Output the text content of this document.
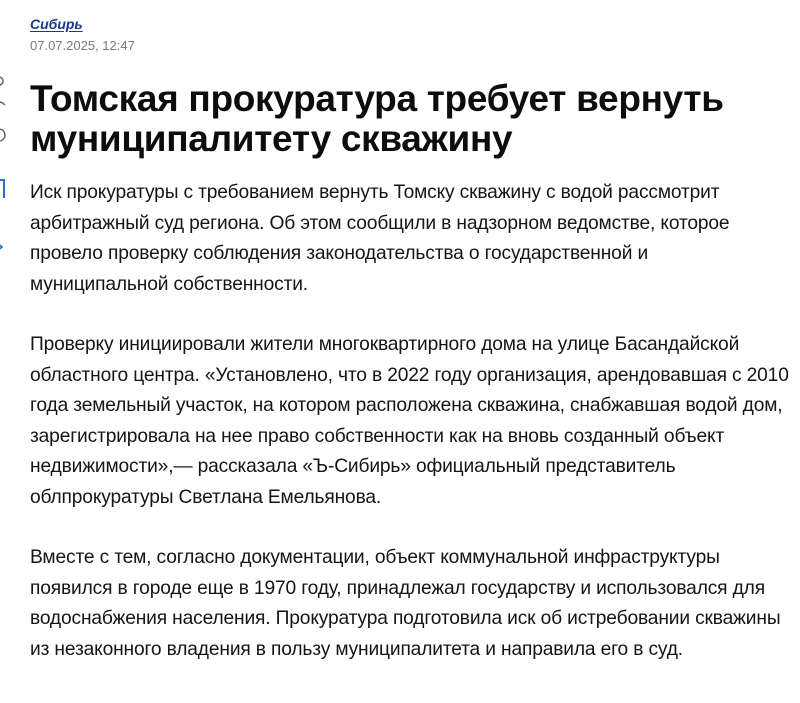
Сибирь
07.07.2025, 12:47
Томская прокуратура требует вернуть муниципалитету скважину

Иск прокуратуры с требованием вернуть Томску скважину с водой рассмотрит арбитражный суд региона. Об этом сообщили в надзорном ведомстве, которое провело проверку соблюдения законодательства о государственной и муниципальной собственности.

Проверку инициировали жители многоквартирного дома на улице Басандайской областного центра. «Установлено, что в 2022 году организация, арендовавшая с 2010 года земельный участок, на котором расположена скважина, снабжавшая водой дом, зарегистрировала на нее право собственности как на вновь созданный объект недвижимости»,— рассказала «Ъ-Сибирь» официальный представитель облпрокуратуры Светлана Емельянова.

Вместе с тем, согласно документации, объект коммунальной инфраструктуры появился в городе еще в 1970 году, принадлежал государству и использовался для водоснабжения населения. Прокуратура подготовила иск об истребовании скважины из незаконного владения в пользу муниципалитета и направила его в суд.
